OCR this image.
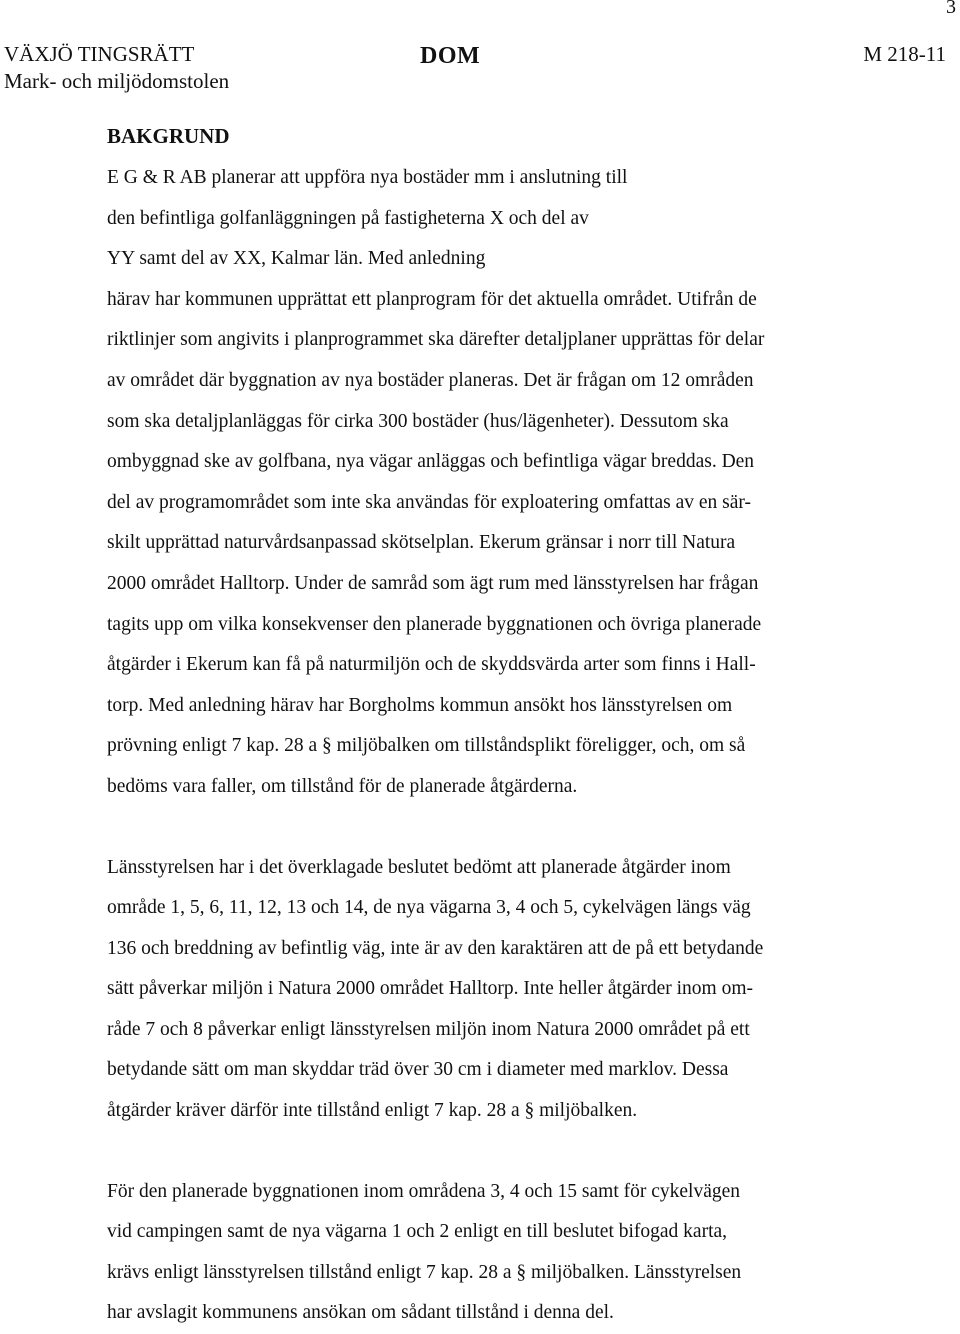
3
VÄXJÖ TINGSRÄTT
Mark- och miljödomstolen
DOM	M 218-11
BAKGRUND

E G & R AB planerar att uppföra nya bostäder mm i anslutning till
den befintliga golfanläggningen på fastigheterna X och del av
YY samt del av XX, Kalmar län. Med anledning
härav har kommunen upprättat ett planprogram för det aktuella området. Utifrån de
riktlinjer som angivits i planprogrammet ska därefter detaljplaner upprättas för delar
av området där byggnation av nya bostäder planeras. Det är frågan om 12 områden
som ska detaljplanläggas för cirka 300 bostäder (hus/lägenheter). Dessutom ska
ombyggnad ske av golfbana, nya vägar anläggas och befintliga vägar breddas. Den
del av programområdet som inte ska användas för exploatering omfattas av en sär-
skilt upprättad naturvårdsanpassad skötselplan. Ekerum gränsar i norr till Natura
2000 området Halltorp. Under de samråd som ägt rum med länsstyrelsen har frågan
tagits upp om vilka konsekvenser den planerade byggnationen och övriga planerade
åtgärder i Ekerum kan få på naturmiljön och de skyddsvärda arter som finns i Hall-
torp. Med anledning härav har Borgholms kommun ansökt hos länsstyrelsen om
prövning enligt 7 kap. 28 a § miljöbalken om tillståndsplikt föreligger, och, om så
bedöms vara faller, om tillstånd för de planerade åtgärderna.

Länsstyrelsen har i det överklagade beslutet bedömt att planerade åtgärder inom
område 1, 5, 6, 11, 12, 13 och 14, de nya vägarna 3, 4 och 5, cykelvägen längs väg
136 och breddning av befintlig väg, inte är av den karaktären att de på ett betydande
sätt påverkar miljön i Natura 2000 området Halltorp. Inte heller åtgärder inom om-
råde 7 och 8 påverkar enligt länsstyrelsen miljön inom Natura 2000 området på ett
betydande sätt om man skyddar träd över 30 cm i diameter med marklov. Dessa
åtgärder kräver därför inte tillstånd enligt 7 kap. 28 a § miljöbalken.

För den planerade byggnationen inom områdena 3, 4 och 15 samt för cykelvägen
vid campingen samt de nya vägarna 1 och 2 enligt en till beslutet bifogad karta,
krävs enligt länsstyrelsen tillstånd enligt 7 kap. 28 a § miljöbalken. Länsstyrelsen
har avslagit kommunens ansökan om sådant tillstånd i denna del.
